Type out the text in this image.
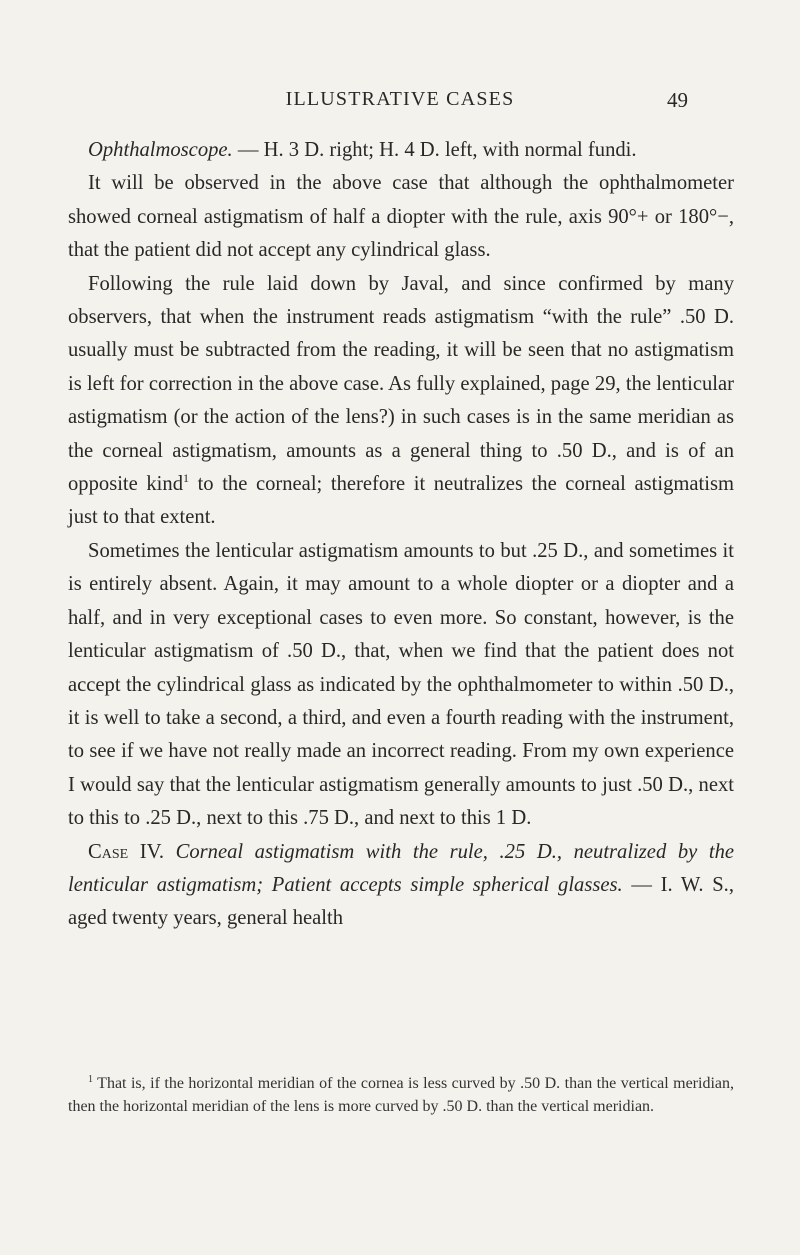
ILLUSTRATIVE CASES	49

Ophthalmoscope. — H. 3 D. right; H. 4 D. left, with normal fundi.

It will be observed in the above case that although the ophthalmometer showed corneal astigmatism of half a diopter with the rule, axis 90°+ or 180°−, that the patient did not accept any cylindrical glass.

Following the rule laid down by Javal, and since confirmed by many observers, that when the instrument reads astigmatism “with the rule” .50 D. usually must be subtracted from the reading, it will be seen that no astigmatism is left for correction in the above case. As fully explained, page 29, the lenticular astigmatism (or the action of the lens?) in such cases is in the same meridian as the corneal astigmatism, amounts as a general thing to .50 D., and is of an opposite kind$^1$ to the corneal; therefore it neutralizes the corneal astigmatism just to that extent.

Sometimes the lenticular astigmatism amounts to but .25 D., and sometimes it is entirely absent. Again, it may amount to a whole diopter or a diopter and a half, and in very exceptional cases to even more. So constant, however, is the lenticular astigmatism of .50 D., that, when we find that the patient does not accept the cylindrical glass as indicated by the ophthalmometer to within .50 D., it is well to take a second, a third, and even a fourth reading with the instrument, to see if we have not really made an incorrect reading. From my own experience I would say that the lenticular astigmatism generally amounts to just .50 D., next to this to .25 D., next to this .75 D., and next to this 1 D.

Case IV. Corneal astigmatism with the rule, .25 D., neutralized by the lenticular astigmatism; Patient accepts simple spherical glasses. — I. W. S., aged twenty years, general health

$^1$ That is, if the horizontal meridian of the cornea is less curved by .50 D. than the vertical meridian, then the horizontal meridian of the lens is more curved by .50 D. than the vertical meridian.
